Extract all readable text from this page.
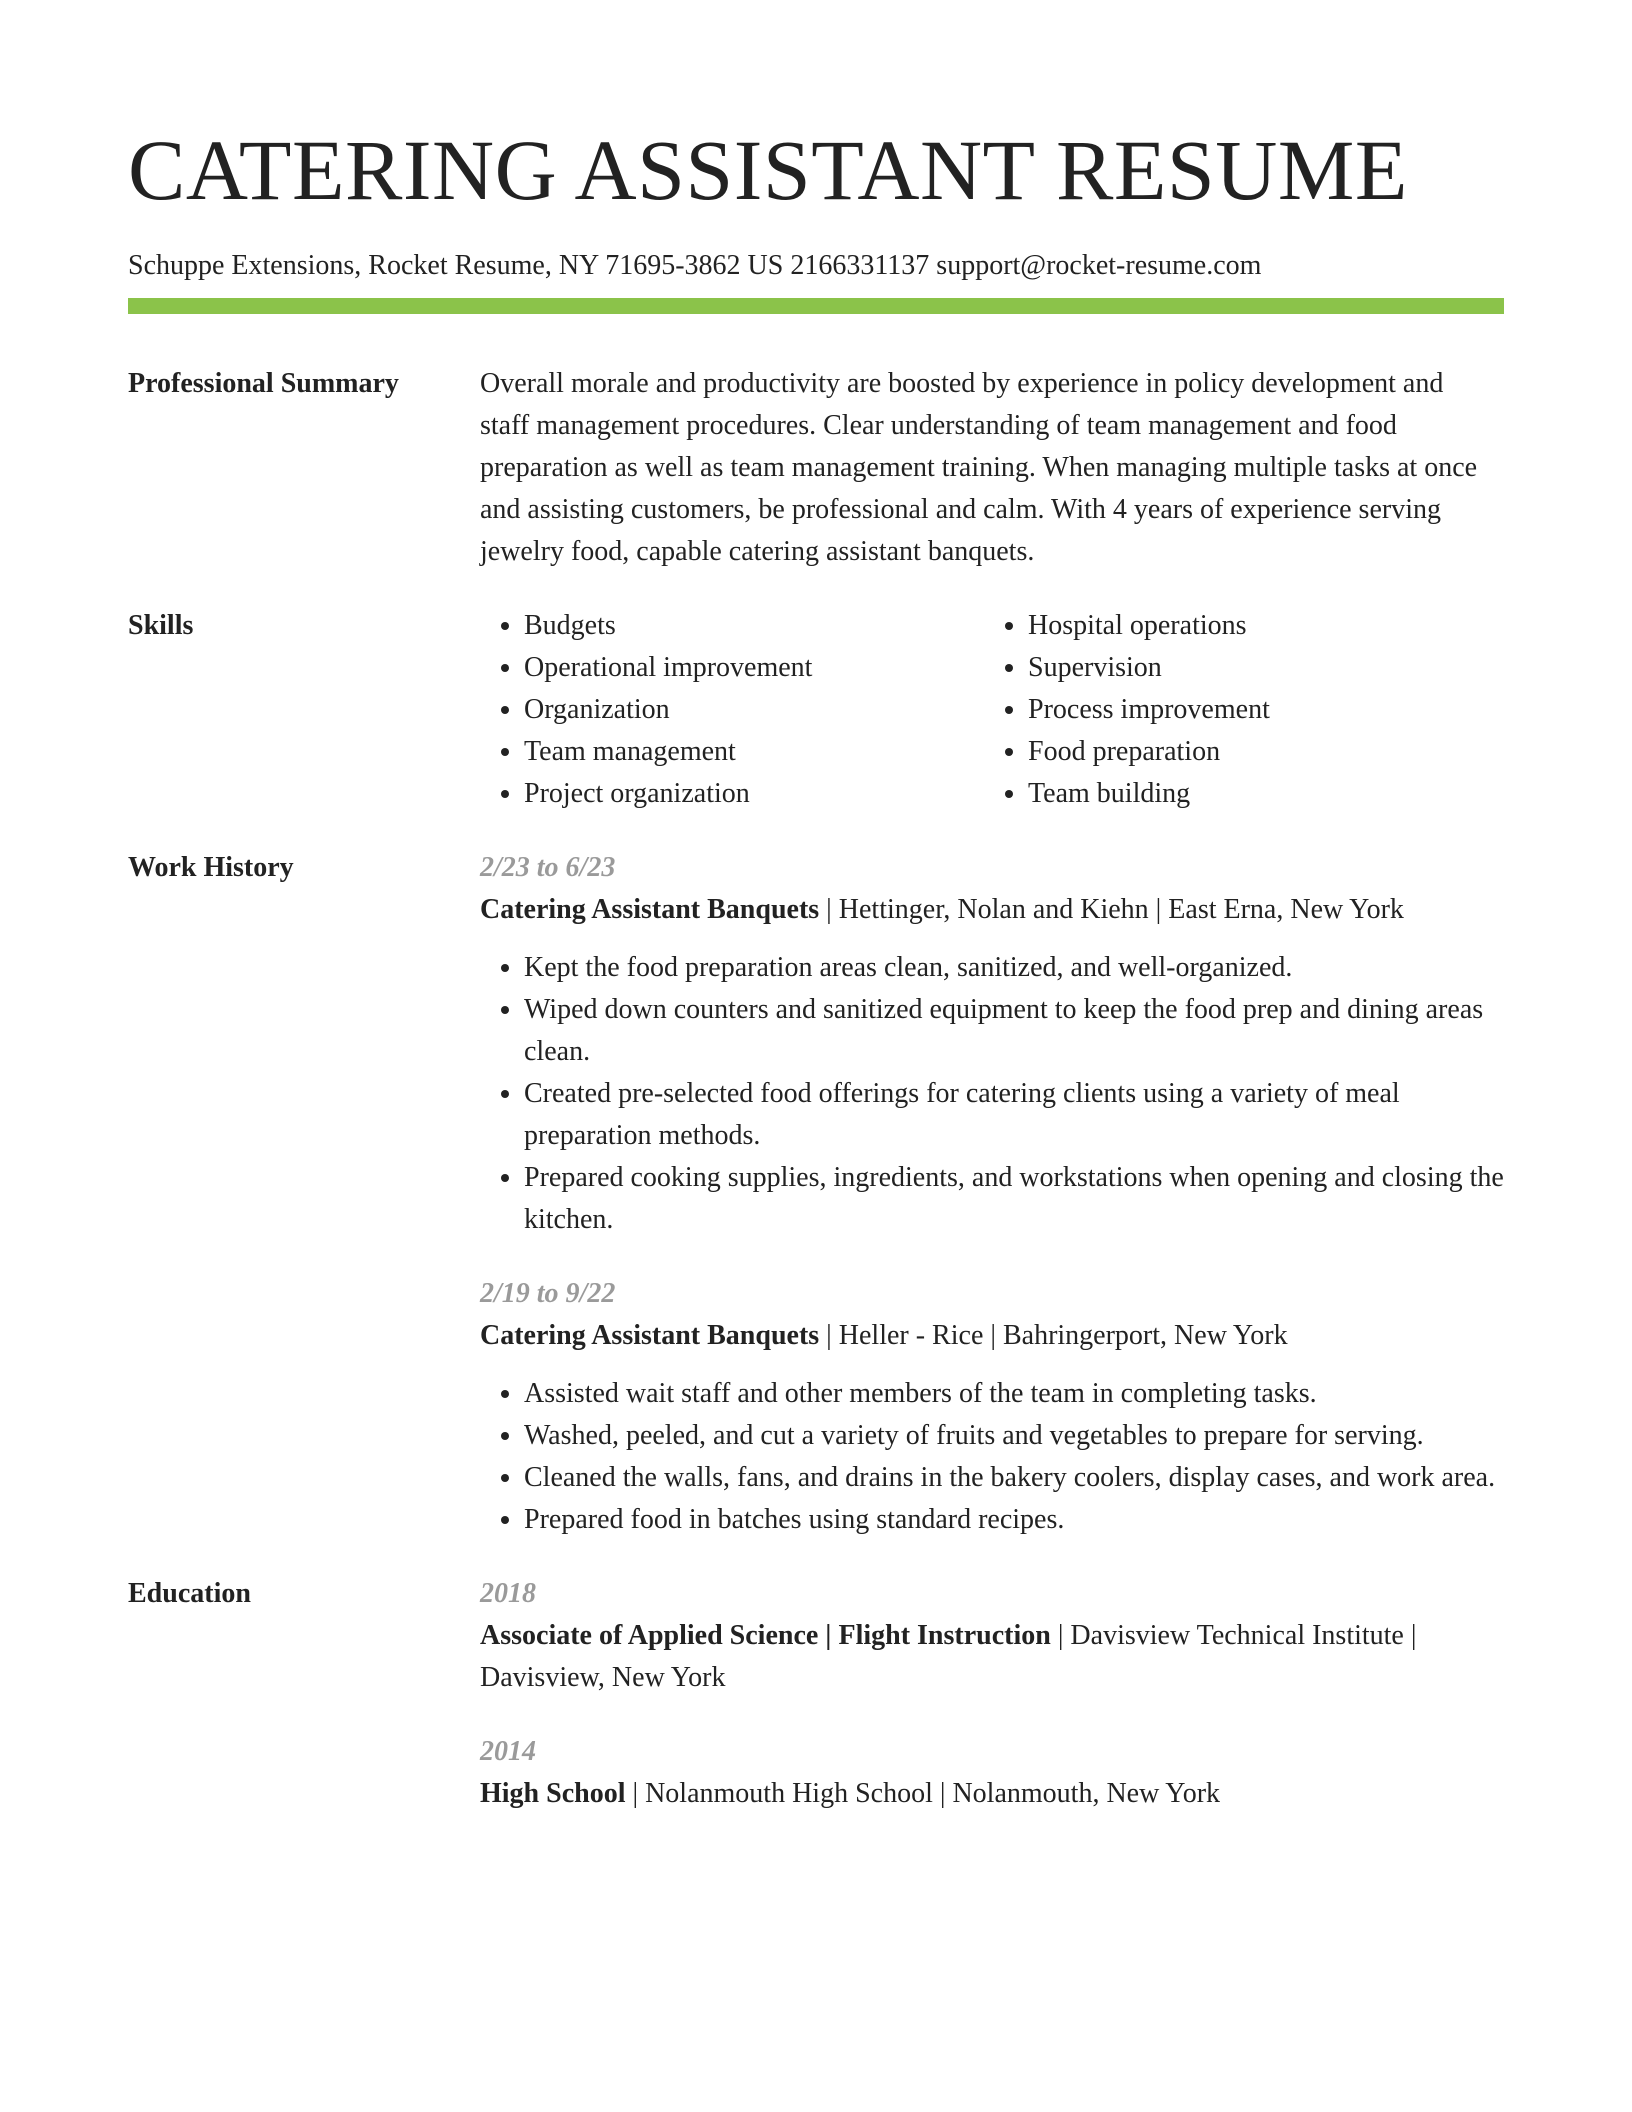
CATERING ASSISTANT RESUME
Schuppe Extensions, Rocket Resume, NY 71695-3862 US 2166331137 support@rocket-resume.com
Professional Summary	Overall morale and productivity are boosted by experience in policy development and staff management procedures. Clear understanding of team management and food preparation as well as team management training. When managing multiple tasks at once and assisting customers, be professional and calm. With 4 years of experience serving jewelry food, capable catering assistant banquets.

Skills
•	Budgets
• Operational improvement
• Organization
• Team management
• Project organization
• Hospital operations
• Supervision
• Process improvement
• Food preparation
• Team building
Work History	2/23 to 6/23
Catering Assistant Banquets | Hettinger, Nolan and Kiehn | East Erna, New York
• Kept the food preparation areas clean, sanitized, and well-organized.
• Wiped down counters and sanitized equipment to keep the food prep and dining areas clean.
• Created pre-selected food offerings for catering clients using a variety of meal preparation methods.
• Prepared cooking supplies, ingredients, and workstations when opening and closing the kitchen.
2/19 to 9/22
Catering Assistant Banquets | Heller - Rice | Bahringerport, New York
• Assisted wait staff and other members of the team in completing tasks.
• Washed, peeled, and cut a variety of fruits and vegetables to prepare for serving.
• Cleaned the walls, fans, and drains in the bakery coolers, display cases, and work area.
• Prepared food in batches using standard recipes.
Education	2018
Associate of Applied Science | Flight Instruction | Davisview Technical Institute | Davisview, New York
2014
High School | Nolanmouth High School | Nolanmouth, New York
